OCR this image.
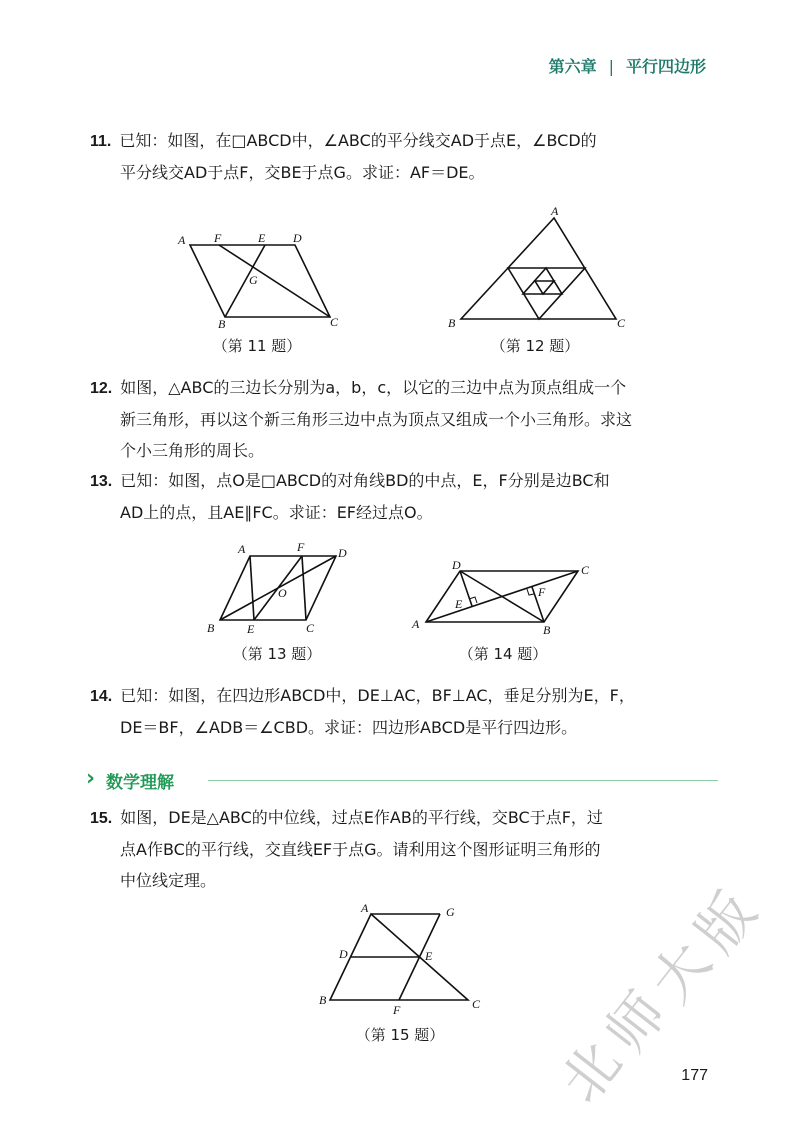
第六章 | 平行四边形
11. 已知：如图，在□ABCD中，∠ABC的平分线交AD于点E，∠BCD的
平分线交AD于点F，交BE于点G。求证：AF＝DE。
A F	E D
G
B	C
（第 11 题）
A
B	C
（第 12 题）
12. 如图，△ABC的三边长分别为a，b，c，以它的三边中点为顶点组成一个
新三角形，再以这个新三角形三边中点为顶点又组成一个小三角形。求这
个小三角形的周长。
13. 已知：如图，点O是□ABCD的对角线BD的中点，E，F分别是边BC和
AD上的点，且AE∥FC。求证：EF经过点O。
A	F	D
O
B	E	C
（第 13 题）
D	C
E
F
A	B
（第 14 题）
14. 已知：如图，在四边形ABCD中，DE⊥AC，BF⊥AC，垂足分别为E，F，
DE＝BF，∠ADB＝∠CBD。求证：四边形ABCD是平行四边形。
› 数学理解
15. 如图，DE是△ABC的中位线，过点E作AB的平行线，交BC于点F，过
点A作BC的平行线，交直线EF于点G。请利用这个图形证明三角形的
中位线定理。
A	G
D	E
B
F	C
（第 15 题）
177
北
师
大
版
